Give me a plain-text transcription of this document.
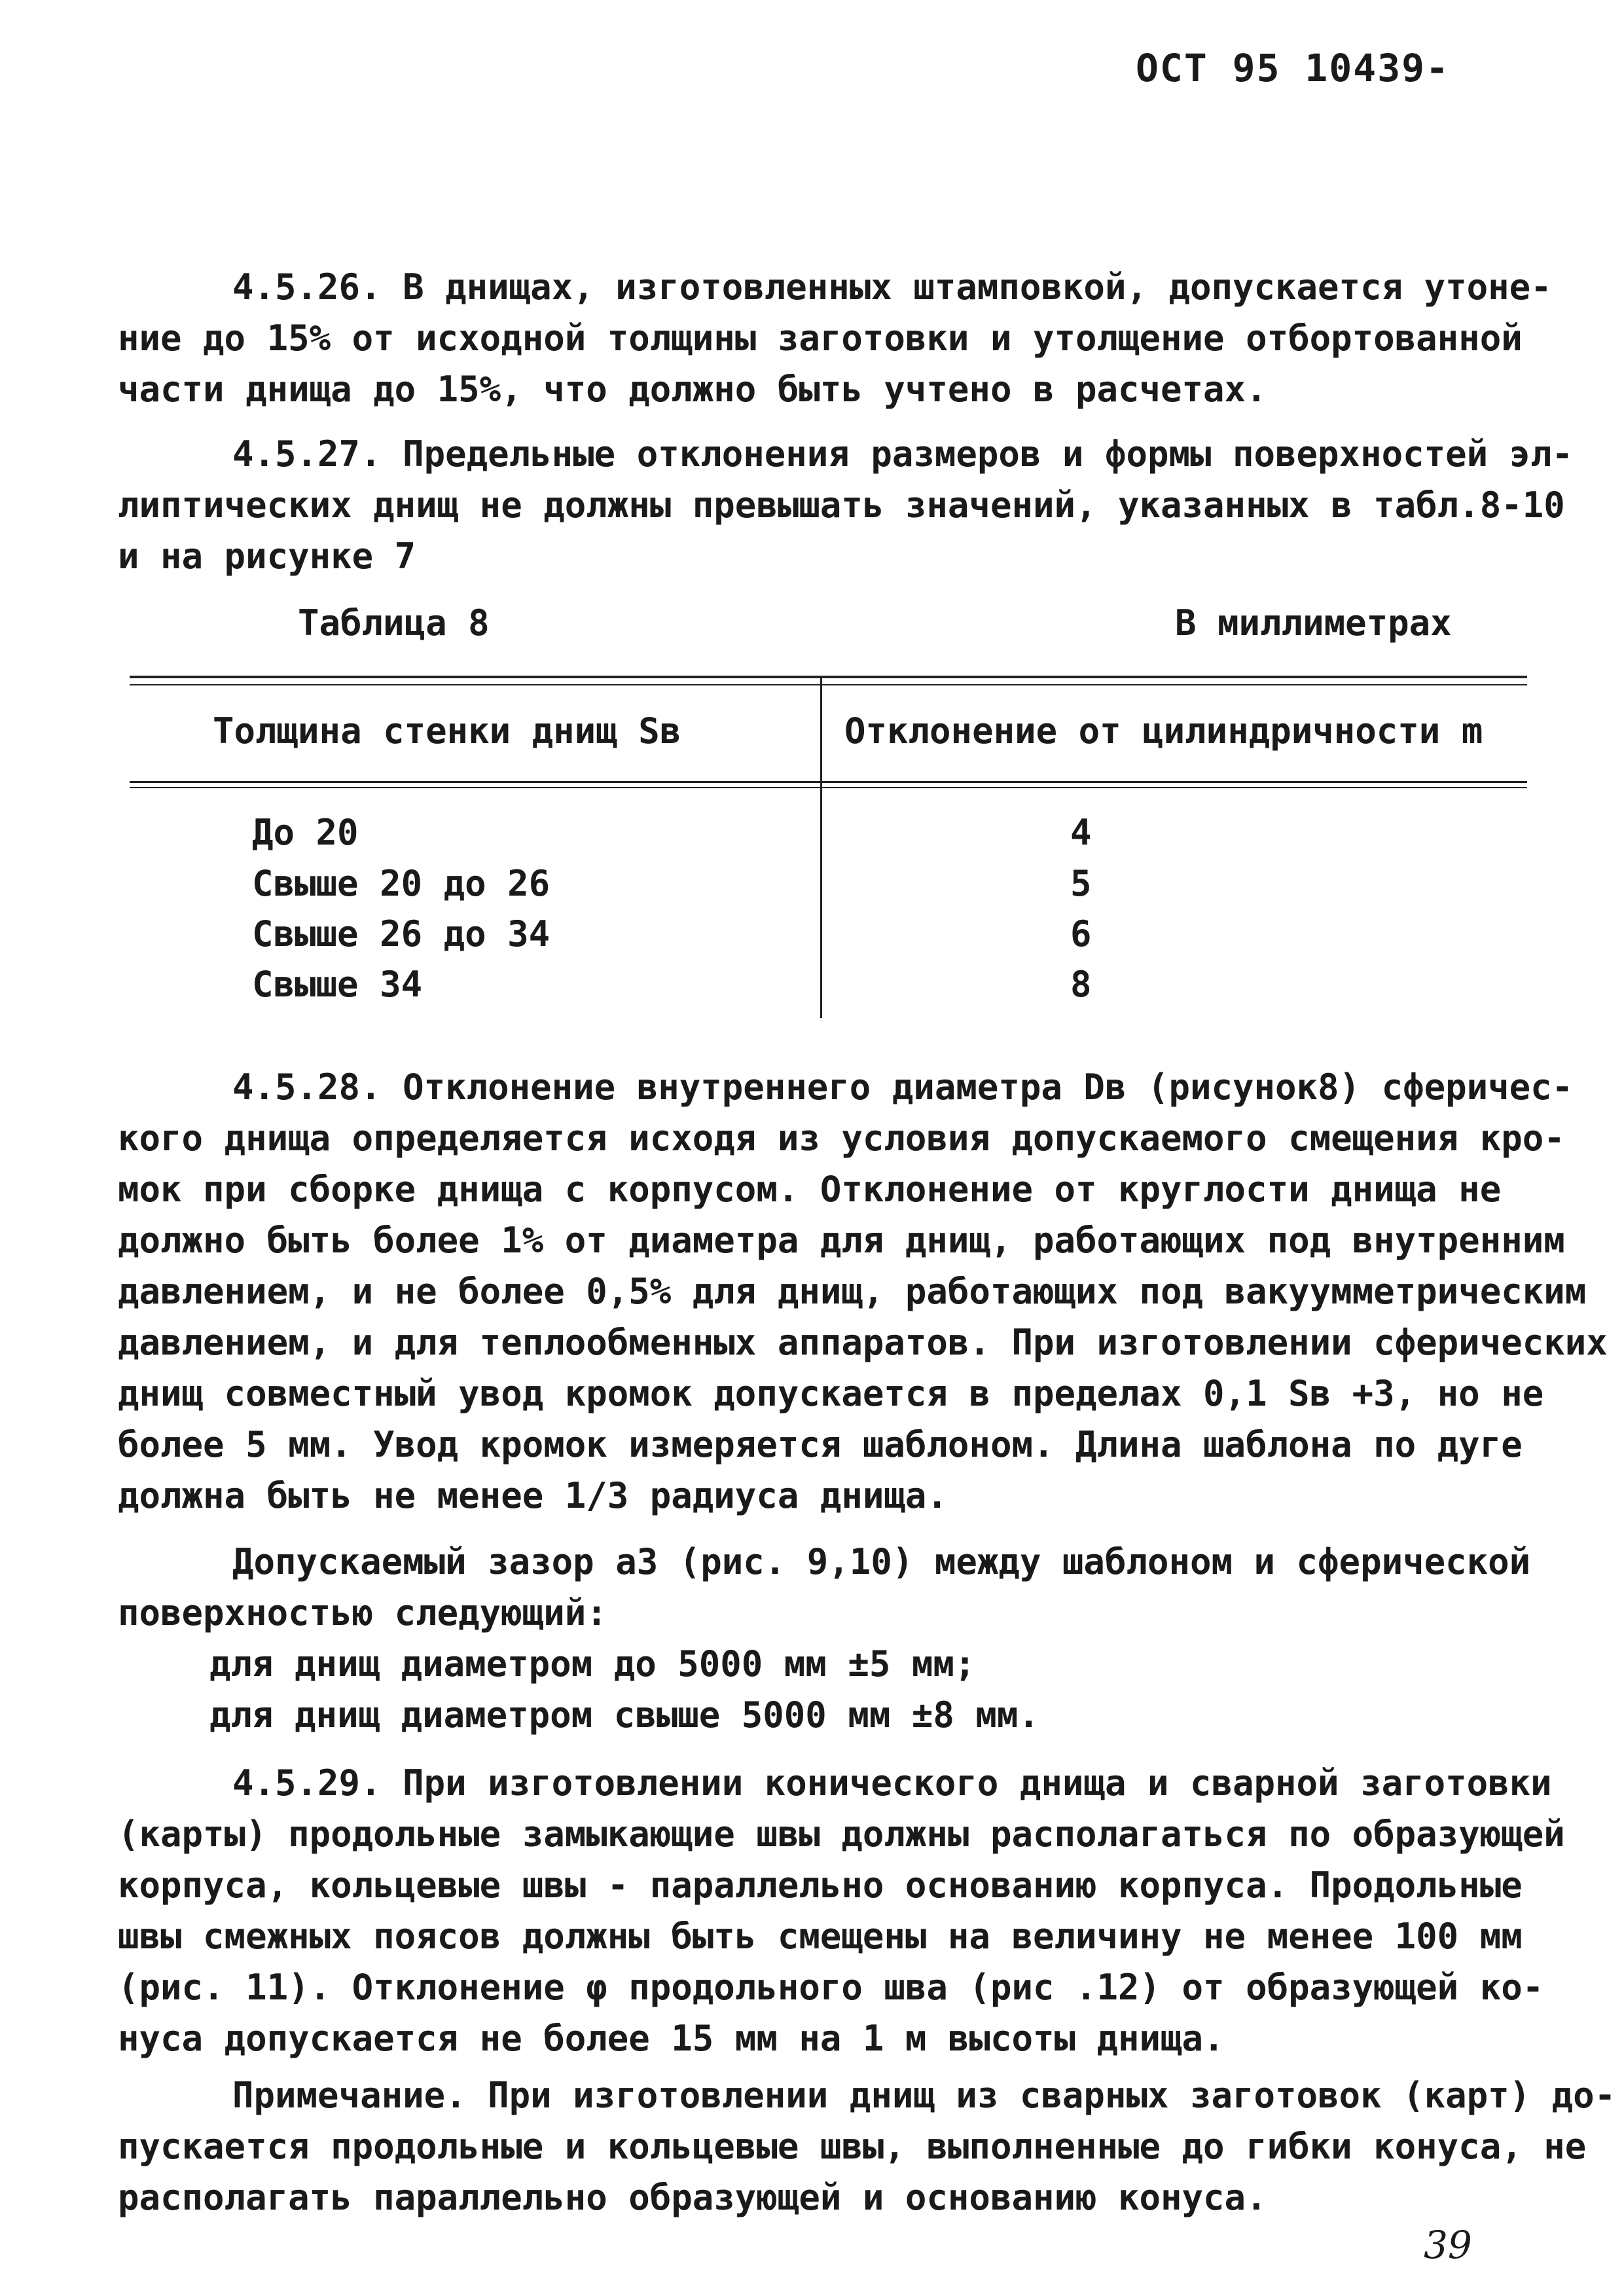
ОСТ 95 10439-
4.5.26. В днищах, изготовленных штамповкой, допускается утоне-
ние до 15% от исходной толщины заготовки и утолщение отбортованной
части днища до 15%, что должно быть учтено в расчетах.
4.5.27. Предельные отклонения размеров и формы поверхностей эл-
липтических днищ не должны превышать значений, указанных в табл.8-10
и на рисунке 7
Таблица 8	В миллиметрах
Толщина стенки днищ Sв	Отклонение от цилиндричности m
До 20	4
Свыше 20 до 26	5
Свыше 26 до 34	6
Свыше 34	8
4.5.28. Отклонение внутреннего диаметра Dв (рисунок8) сферичес-
кого днища определяется исходя из условия допускаемого смещения кро-
мок при сборке днища с корпусом. Отклонение от круглости днища не
должно быть более 1% от диаметра для днищ, работающих под внутренним
давлением, и не более 0,5% для днищ, работающих под вакуумметрическим
давлением, и для теплообменных аппаратов. При изготовлении сферических
днищ совместный увод кромок допускается в пределах 0,1 Sв +3, но не
более 5 мм. Увод кромок измеряется шаблоном. Длина шаблона по дуге
должна быть не менее 1/3 радиуса днища.
Допускаемый зазор а3 (рис. 9,10) между шаблоном и сферической
поверхностью следующий:
для днищ диаметром до 5000 мм ±5 мм;
для днищ диаметром свыше 5000 мм ±8 мм.
4.5.29. При изготовлении конического днища и сварной заготовки
(карты) продольные замыкающие швы должны располагаться по образующей
корпуса, кольцевые швы - параллельно основанию корпуса. Продольные
швы смежных поясов должны быть смещены на величину не менее 100 мм
(рис. 11). Отклонение φ продольного шва (рис .12) от образующей ко-
нуса допускается не более 15 мм на 1 м высоты днища.
Примечание. При изготовлении днищ из сварных заготовок (карт) до-
пускается продольные и кольцевые швы, выполненные до гибки конуса, не
располагать параллельно образующей и основанию конуса.
39
